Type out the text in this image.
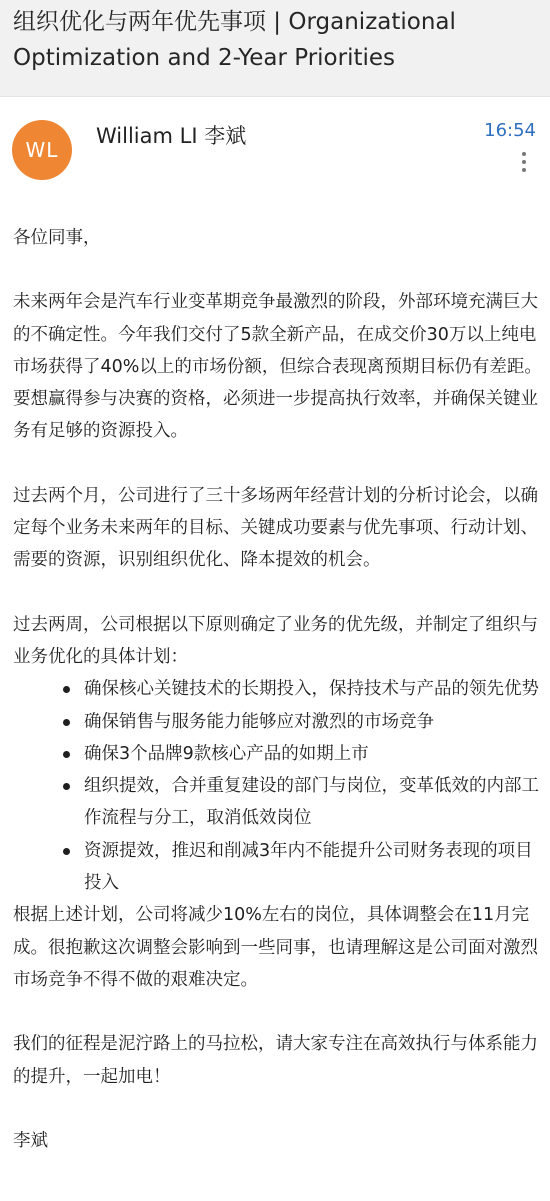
组织优化与两年优先事项 | Organizational Optimization and 2-Year Priorities
WL
William LI 李斌	16:54

各位同事，

未来两年会是汽车行业变革期竞争最激烈的阶段，外部环境充满巨大的不确定性。今年我们交付了5款全新产品，在成交价30万以上纯电市场获得了40%以上的市场份额，但综合表现离预期目标仍有差距。要想赢得参与决赛的资格，必须进一步提高执行效率，并确保关键业务有足够的资源投入。

过去两个月，公司进行了三十多场两年经营计划的分析讨论会，以确定每个业务未来两年的目标、关键成功要素与优先事项、行动计划、需要的资源，识别组织优化、降本提效的机会。

过去两周，公司根据以下原则确定了业务的优先级，并制定了组织与业务优化的具体计划：

确保核心关键技术的长期投入，保持技术与产品的领先优势
确保销售与服务能力能够应对激烈的市场竞争
确保3个品牌9款核心产品的如期上市
组织提效，合并重复建设的部门与岗位，变革低效的内部工作流程与分工，取消低效岗位
资源提效，推迟和削减3年内不能提升公司财务表现的项目投入

根据上述计划，公司将减少10%左右的岗位，具体调整会在11月完成。很抱歉这次调整会影响到一些同事，也请理解这是公司面对激烈市场竞争不得不做的艰难决定。

我们的征程是泥泞路上的马拉松，请大家专注在高效执行与体系能力的提升，一起加电！

李斌
